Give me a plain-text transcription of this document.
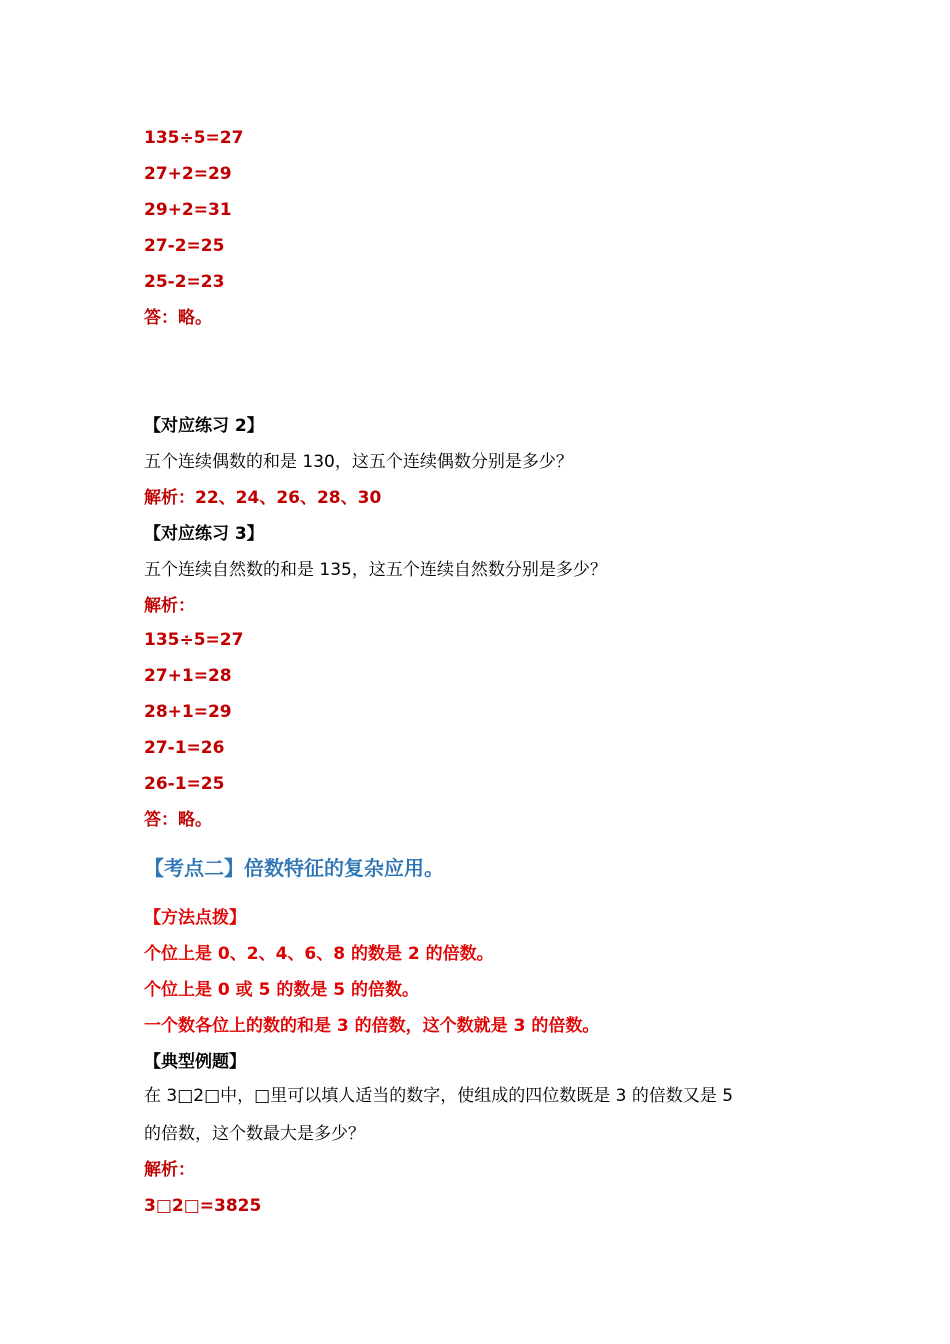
135÷5=27
27+2=29
29+2=31
27-2=25
25-2=23
答：略。
【对应练习 2】
五个连续偶数的和是 130，这五个连续偶数分别是多少？
解析：22、24、26、28、30
【对应练习 3】
五个连续自然数的和是 135，这五个连续自然数分别是多少？
解析：
135÷5=27
27+1=28
28+1=29
27-1=26
26-1=25
答：略。
【考点二】倍数特征的复杂应用。
【方法点拨】
个位上是 0、2、4、6、8 的数是 2 的倍数。
个位上是 0 或 5 的数是 5 的倍数。
一个数各位上的数的和是 3 的倍数，这个数就是 3 的倍数。
【典型例题】
在 3□2□中，□里可以填人适当的数字，使组成的四位数既是 3 的倍数又是 5
的倍数，这个数最大是多少？
解析：
3□2□=3825
